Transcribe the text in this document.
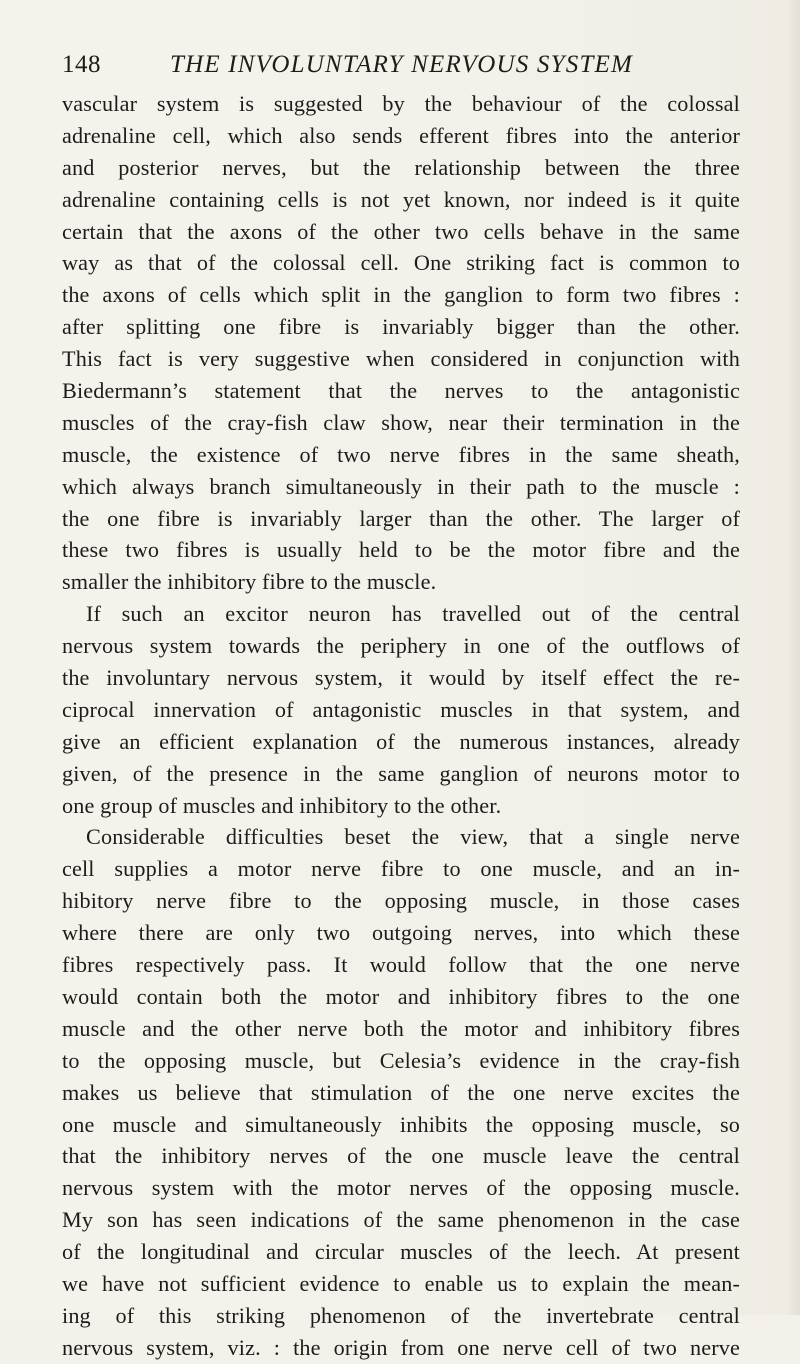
148	THE INVOLUNTARY NERVOUS SYSTEM
vascular system is suggested by the behaviour of the colossal
adrenaline cell, which also sends efferent fibres into the anterior
and posterior nerves, but the relationship between the three
adrenaline containing cells is not yet known, nor indeed is it quite
certain that the axons of the other two cells behave in the same
way as that of the colossal cell. One striking fact is common to
the axons of cells which split in the ganglion to form two fibres :
after splitting one fibre is invariably bigger than the other.
This fact is very suggestive when considered in conjunction with
Biedermann’s statement that the nerves to the antagonistic
muscles of the cray-fish claw show, near their termination in the
muscle, the existence of two nerve fibres in the same sheath,
which always branch simultaneously in their path to the muscle :
the one fibre is invariably larger than the other. The larger of
these two fibres is usually held to be the motor fibre and the
smaller the inhibitory fibre to the muscle.
If such an excitor neuron has travelled out of the central
nervous system towards the periphery in one of the outflows of
the involuntary nervous system, it would by itself effect the re-
ciprocal innervation of antagonistic muscles in that system, and
give an efficient explanation of the numerous instances, already
given, of the presence in the same ganglion of neurons motor to
one group of muscles and inhibitory to the other.
Considerable difficulties beset the view, that a single nerve
cell supplies a motor nerve fibre to one muscle, and an in-
hibitory nerve fibre to the opposing muscle, in those cases
where there are only two outgoing nerves, into which these
fibres respectively pass. It would follow that the one nerve
would contain both the motor and inhibitory fibres to the one
muscle and the other nerve both the motor and inhibitory fibres
to the opposing muscle, but Celesia’s evidence in the cray-fish
makes us believe that stimulation of the one nerve excites the
one muscle and simultaneously inhibits the opposing muscle, so
that the inhibitory nerves of the one muscle leave the central
nervous system with the motor nerves of the opposing muscle.
My son has seen indications of the same phenomenon in the case
of the longitudinal and circular muscles of the leech. At present
we have not sufficient evidence to enable us to explain the mean-
ing of this striking phenomenon of the invertebrate central
nervous system, viz. : the origin from one nerve cell of two nerve
